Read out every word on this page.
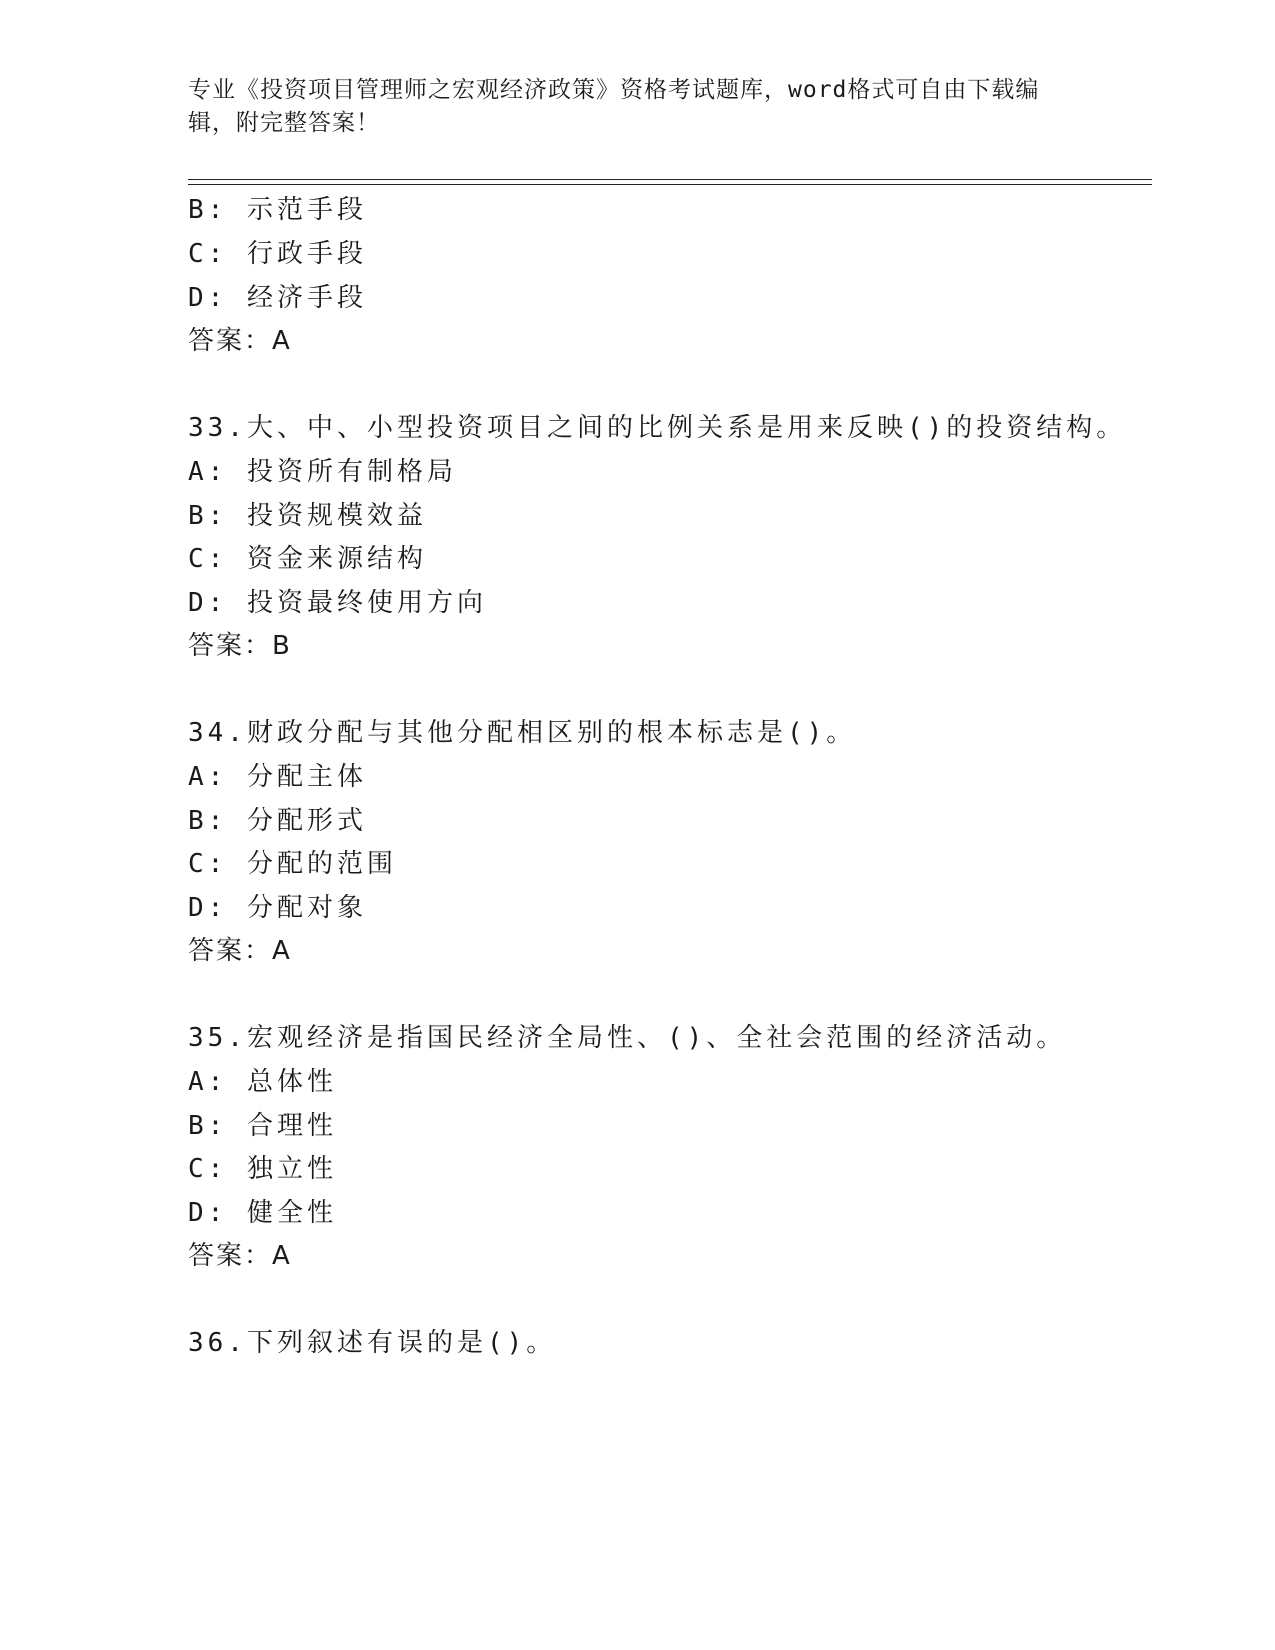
专业《投资项目管理师之宏观经济政策》资格考试题库，word格式可自由下载编辑，附完整答案！
B: 示范手段
C: 行政手段
D: 经济手段
答案：A
33.大、中、小型投资项目之间的比例关系是用来反映()的投资结构。
A: 投资所有制格局
B: 投资规模效益
C: 资金来源结构
D: 投资最终使用方向
答案：B
34.财政分配与其他分配相区别的根本标志是()。
A: 分配主体
B: 分配形式
C: 分配的范围
D: 分配对象
答案：A
35.宏观经济是指国民经济全局性、()、全社会范围的经济活动。
A: 总体性
B: 合理性
C: 独立性
D: 健全性
答案：A
36.下列叙述有误的是()。
